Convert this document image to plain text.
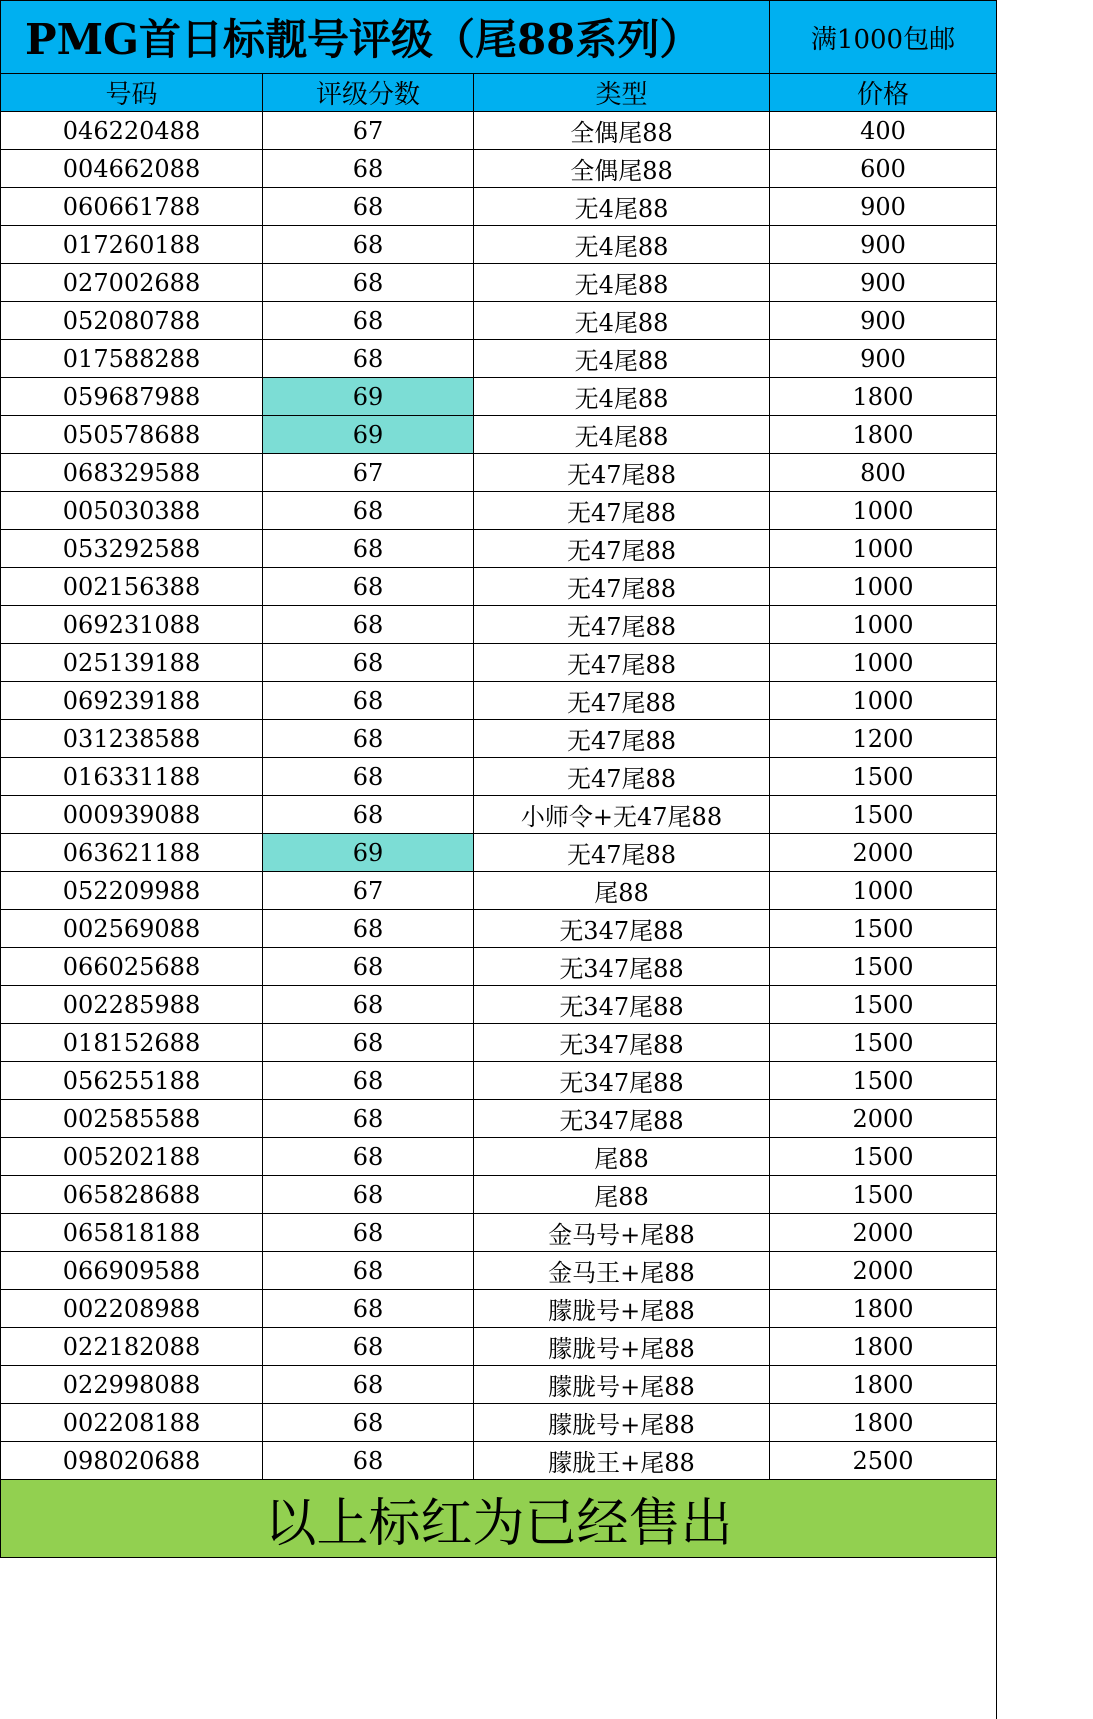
PMG首日标靓号评级（尾88系列）			满1000包邮
号码	评级分数	类型	价格
046220488	67	全偶尾88	400
004662088	68	全偶尾88	600
060661788	68	无4尾88	900
017260188	68	无4尾88	900
027002688	68	无4尾88	900
052080788	68	无4尾88	900
017588288	68	无4尾88	900
059687988	69	无4尾88	1800
050578688	69	无4尾88	1800
068329588	67	无47尾88	800
005030388	68	无47尾88	1000
053292588	68	无47尾88	1000
002156388	68	无47尾88	1000
069231088	68	无47尾88	1000
025139188	68	无47尾88	1000
069239188	68	无47尾88	1000
031238588	68	无47尾88	1200
016331188	68	无47尾88	1500
000939088	68	小师令+无47尾88	1500
063621188	69	无47尾88	2000
052209988	67	尾88	1000
002569088	68	无347尾88	1500
066025688	68	无347尾88	1500
002285988	68	无347尾88	1500
018152688	68	无347尾88	1500
056255188	68	无347尾88	1500
002585588	68	无347尾88	2000
005202188	68	尾88	1500
065828688	68	尾88	1500
065818188	68	金马号+尾88	2000
066909588	68	金马王+尾88	2000
002208988	68	朦胧号+尾88	1800
022182088	68	朦胧号+尾88	1800
022998088	68	朦胧号+尾88	1800
002208188	68	朦胧号+尾88	1800
098020688	68	朦胧王+尾88	2500
以上标红为已经售出			
